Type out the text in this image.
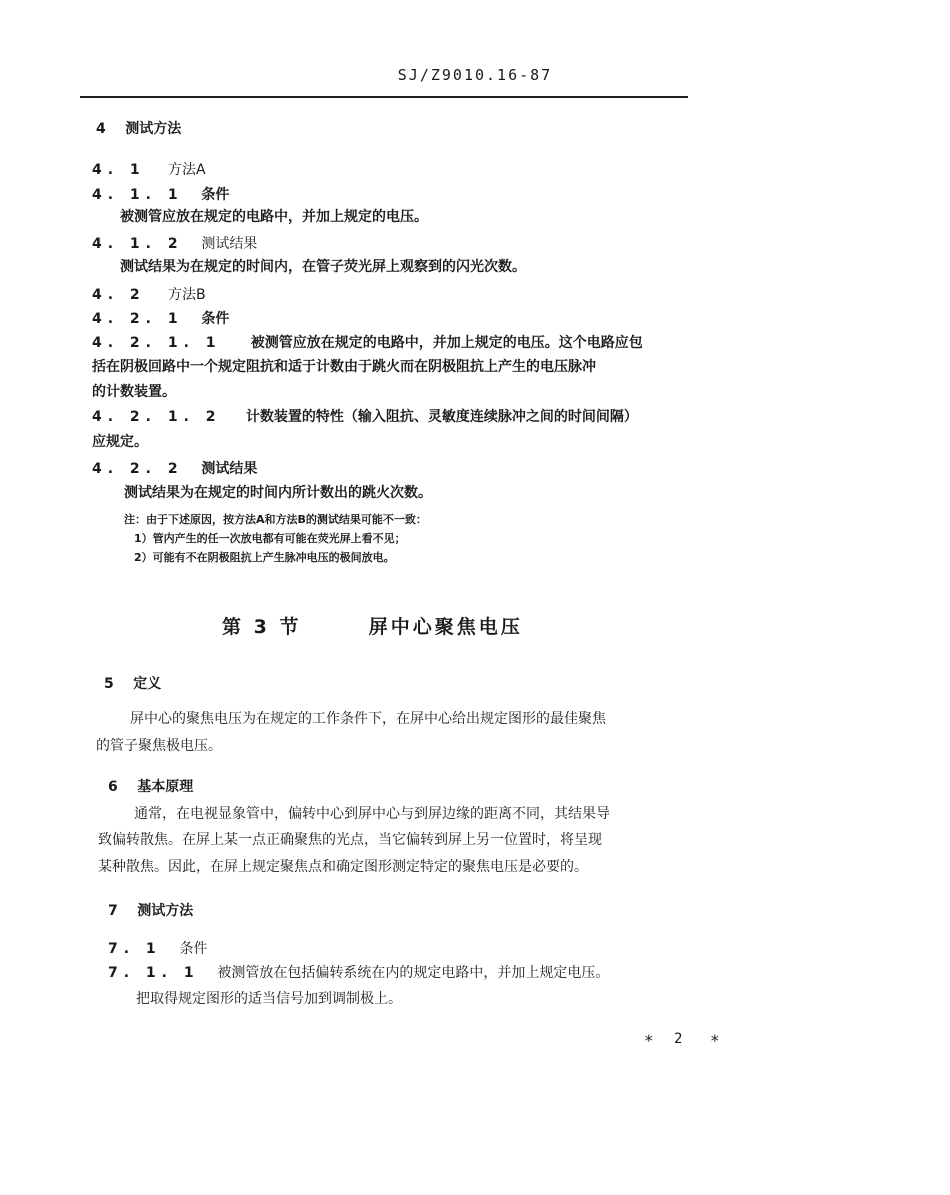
SJ/Z9010.16-87
4 测试方法
4. 1 方法A
4. 1. 1 条件
被测管应放在规定的电路中，并加上规定的电压。
4. 1. 2 测试结果
测试结果为在规定的时间内，在管子荧光屏上观察到的闪光次数。
4. 2 方法B
4. 2. 1 条件
4. 2. 1. 1 被测管应放在规定的电路中，并加上规定的电压。这个电路应包
括在阴极回路中一个规定阻抗和适于计数由于跳火而在阴极阻抗上产生的电压脉冲
的计数装置。
4. 2. 1. 2 计数装置的特性（输入阻抗、灵敏度连续脉冲之间的时间间隔）
应规定。
4. 2. 2 测试结果
测试结果为在规定的时间内所计数出的跳火次数。
注：由于下述原因，按方法A和方法B的测试结果可能不一致：
1）管内产生的任一次放电都有可能在荧光屏上看不见；
2）可能有不在阴极阻抗上产生脉冲电压的极间放电。
第 3 节	屏中心聚焦电压
5 定义
屏中心的聚焦电压为在规定的工作条件下，在屏中心给出规定图形的最佳聚焦
的管子聚焦极电压。
6 基本原理
通常，在电视显象管中，偏转中心到屏中心与到屏边缘的距离不同，其结果导
致偏转散焦。在屏上某一点正确聚焦的光点，当它偏转到屏上另一位置时，将呈现
某种散焦。因此，在屏上规定聚焦点和确定图形测定特定的聚焦电压是必要的。
7 测试方法
7. 1 条件
7. 1. 1 被测管放在包括偏转系统在内的规定电路中，并加上规定电压。
把取得规定图形的适当信号加到调制极上。
* 2 *
